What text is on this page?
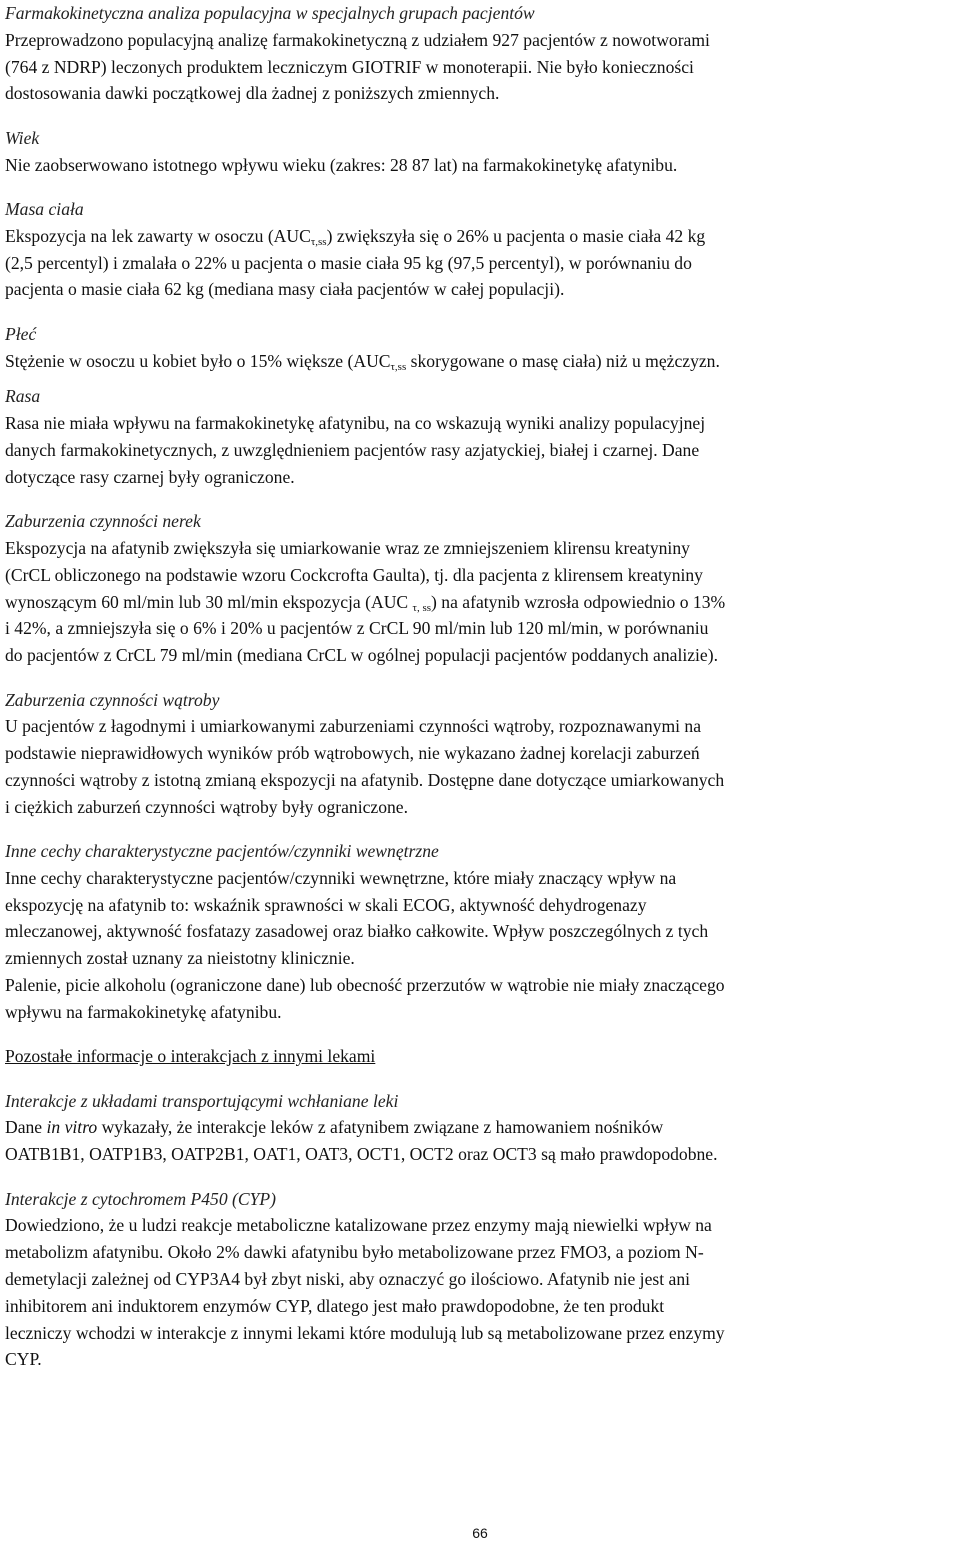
Farmakokinetyczna analiza populacyjna w specjalnych grupach pacjentów
Przeprowadzono populacyjną analizę farmakokinetyczną z udziałem 927 pacjentów z nowotworami
(764 z NDRP) leczonych produktem leczniczym GIOTRIF w monoterapii. Nie było konieczności
dostosowania dawki początkowej dla żadnej z poniższych zmiennych.
Wiek
Nie zaobserwowano istotnego wpływu wieku (zakres: 28 87 lat) na farmakokinetykę afatynibu.
Masa ciała
Ekspozycja na lek zawarty w osoczu $(AUC_{\tau,ss})$ zwiększyła się o 26% u pacjenta o masie ciała 42 kg
(2,5 percentyl) i zmalała o 22% u pacjenta o masie ciała 95 kg (97,5 percentyl), w porównaniu do
pacjenta o masie ciała 62 kg (mediana masy ciała pacjentów w całej populacji).
Płeć
Stężenie w osoczu u kobiet było o 15% większe ($AUC_{\tau,ss}$ skorygowane o masę ciała) niż u mężczyzn.
Rasa
Rasa nie miała wpływu na farmakokinetykę afatynibu, na co wskazują wyniki analizy populacyjnej
danych farmakokinetycznych, z uwzględnieniem pacjentów rasy azjatyckiej, białej i czarnej. Dane
dotyczące rasy czarnej były ograniczone.
Zaburzenia czynności nerek
Ekspozycja na afatynib zwiększyła się umiarkowanie wraz ze zmniejszeniem klirensu kreatyniny
(CrCL obliczonego na podstawie wzoru Cockcrofta Gaulta), tj. dla pacjenta z klirensem kreatyniny
wynoszącym 60 ml/min lub 30 ml/min ekspozycja (AUC $_{\tau, ss}$) na afatynib wzrosła odpowiednio o 13%
i 42%, a zmniejszyła się o 6% i 20% u pacjentów z CrCL 90 ml/min lub 120 ml/min, w porównaniu
do pacjentów z CrCL 79 ml/min (mediana CrCL w ogólnej populacji pacjentów poddanych analizie).
Zaburzenia czynności wątroby
U pacjentów z łagodnymi i umiarkowanymi zaburzeniami czynności wątroby, rozpoznawanymi na
podstawie nieprawidłowych wyników prób wątrobowych, nie wykazano żadnej korelacji zaburzeń
czynności wątroby z istotną zmianą ekspozycji na afatynib. Dostępne dane dotyczące umiarkowanych
i ciężkich zaburzeń czynności wątroby były ograniczone.
Inne cechy charakterystyczne pacjentów/czynniki wewnętrzne
Inne cechy charakterystyczne pacjentów/czynniki wewnętrzne, które miały znaczący wpływ na
ekspozycję na afatynib to: wskaźnik sprawności w skali ECOG, aktywność dehydrogenazy
mleczanowej, aktywność fosfatazy zasadowej oraz białko całkowite. Wpływ poszczególnych z tych
zmiennych został uznany za nieistotny klinicznie.
Palenie, picie alkoholu (ograniczone dane) lub obecność przerzutów w wątrobie nie miały znaczącego
wpływu na farmakokinetykę afatynibu.
Pozostałe informacje o interakcjach z innymi lekami
Interakcje z układami transportującymi wchłaniane leki
Dane in vitro wykazały, że interakcje leków z afatynibem związane z hamowaniem nośników
OATB1B1, OATP1B3, OATP2B1, OAT1, OAT3, OCT1, OCT2 oraz OCT3 są mało prawdopodobne.
Interakcje z cytochromem P450 (CYP)
Dowiedziono, że u ludzi reakcje metaboliczne katalizowane przez enzymy mają niewielki wpływ na
metabolizm afatynibu. Około 2% dawki afatynibu było metabolizowane przez FMO3, a poziom N-
demetylacji zależnej od CYP3A4 był zbyt niski, aby oznaczyć go ilościowo. Afatynib nie jest ani
inhibitorem ani induktorem enzymów CYP, dlatego jest mało prawdopodobne, że ten produkt
leczniczy wchodzi w interakcje z innymi lekami które modulują lub są metabolizowane przez enzymy
CYP.
66
